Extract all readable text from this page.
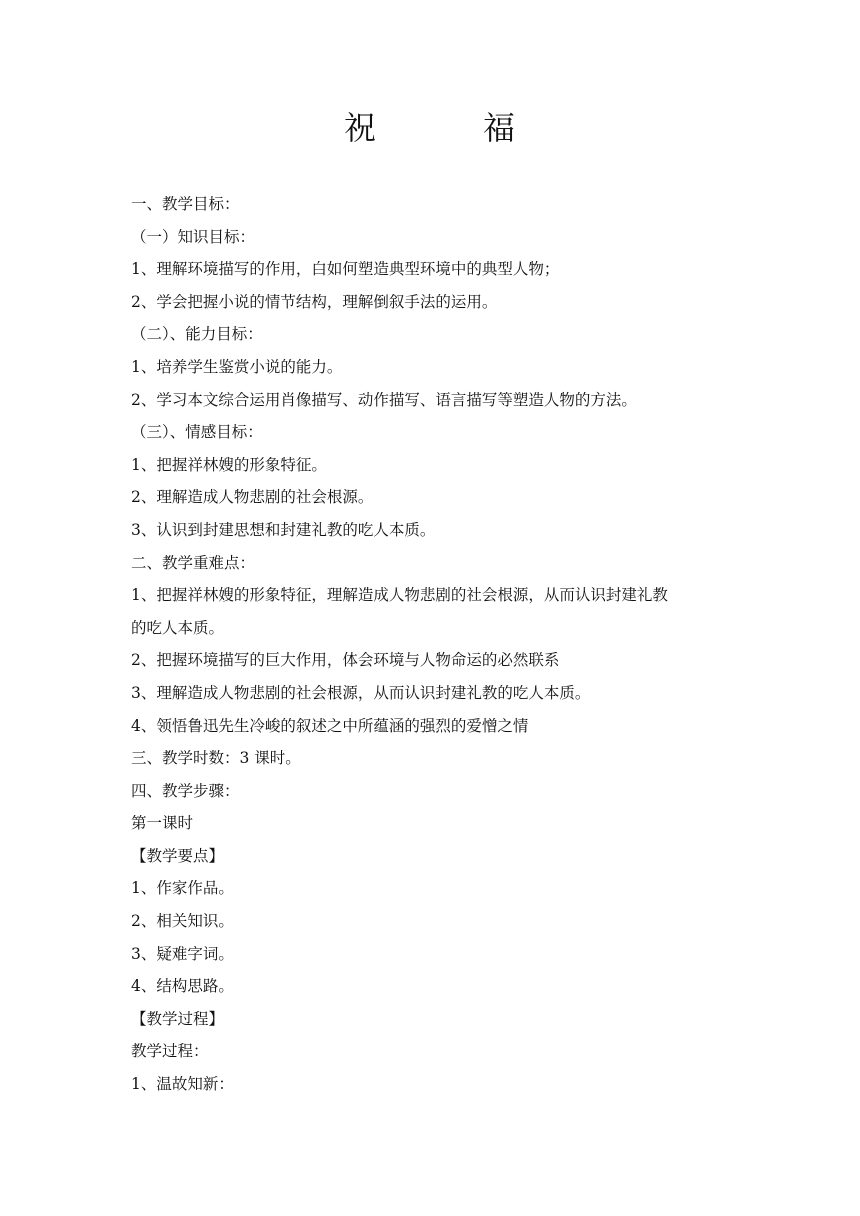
祝	福
一、教学目标：
（一）知识目标：
1、理解环境描写的作用，白如何塑造典型环境中的典型人物；
2、学会把握小说的情节结构，理解倒叙手法的运用。
（二）、能力目标：
1、培养学生鉴赏小说的能力。
2、学习本文综合运用肖像描写、动作描写、语言描写等塑造人物的方法。
（三）、情感目标：
1、把握祥林嫂的形象特征。
2、理解造成人物悲剧的社会根源。
3、认识到封建思想和封建礼教的吃人本质。
二、教学重难点：
1、把握祥林嫂的形象特征，理解造成人物悲剧的社会根源，从而认识封建礼教
的吃人本质。
2、把握环境描写的巨大作用，体会环境与人物命运的必然联系
3、理解造成人物悲剧的社会根源，从而认识封建礼教的吃人本质。
4、领悟鲁迅先生冷峻的叙述之中所蕴涵的强烈的爱憎之情
三、教学时数：3 课时。
四、教学步骤：
第一课时
【教学要点】
1、作家作品。
2、相关知识。
3、疑难字词。
4、结构思路。
【教学过程】
教学过程：
1、温故知新：
